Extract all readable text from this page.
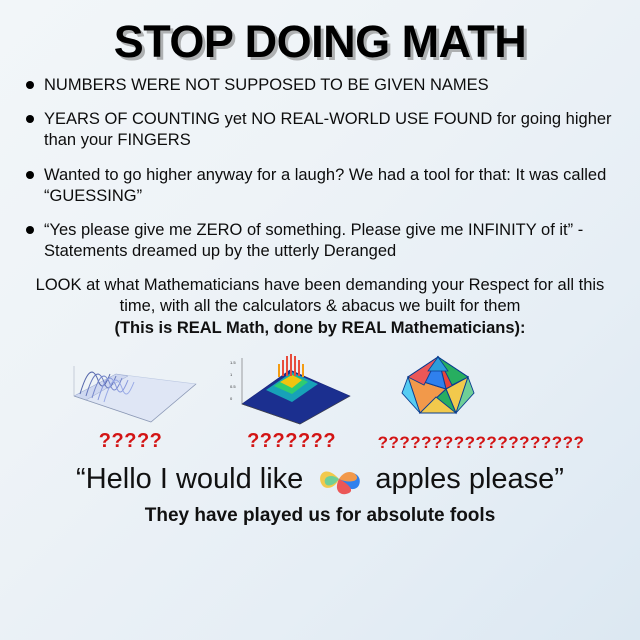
STOP DOING MATH
NUMBERS WERE NOT SUPPOSED TO BE GIVEN NAMES
YEARS OF COUNTING yet NO REAL-WORLD USE FOUND for going higher than your FINGERS
Wanted to go higher anyway for a laugh? We had a tool for that: It was called “GUESSING”
“Yes please give me ZERO of something. Please give me INFINITY of it” - Statements dreamed up by the utterly Deranged
LOOK at what Mathematicians have been demanding your Respect for all this time, with all the calculators & abacus we built for them
(This is REAL Math, done by REAL Mathematicians):
?????
1.5
1
0.5
0
???????	???????????????????
“Hello I would like apples please”
They have played us for absolute fools
